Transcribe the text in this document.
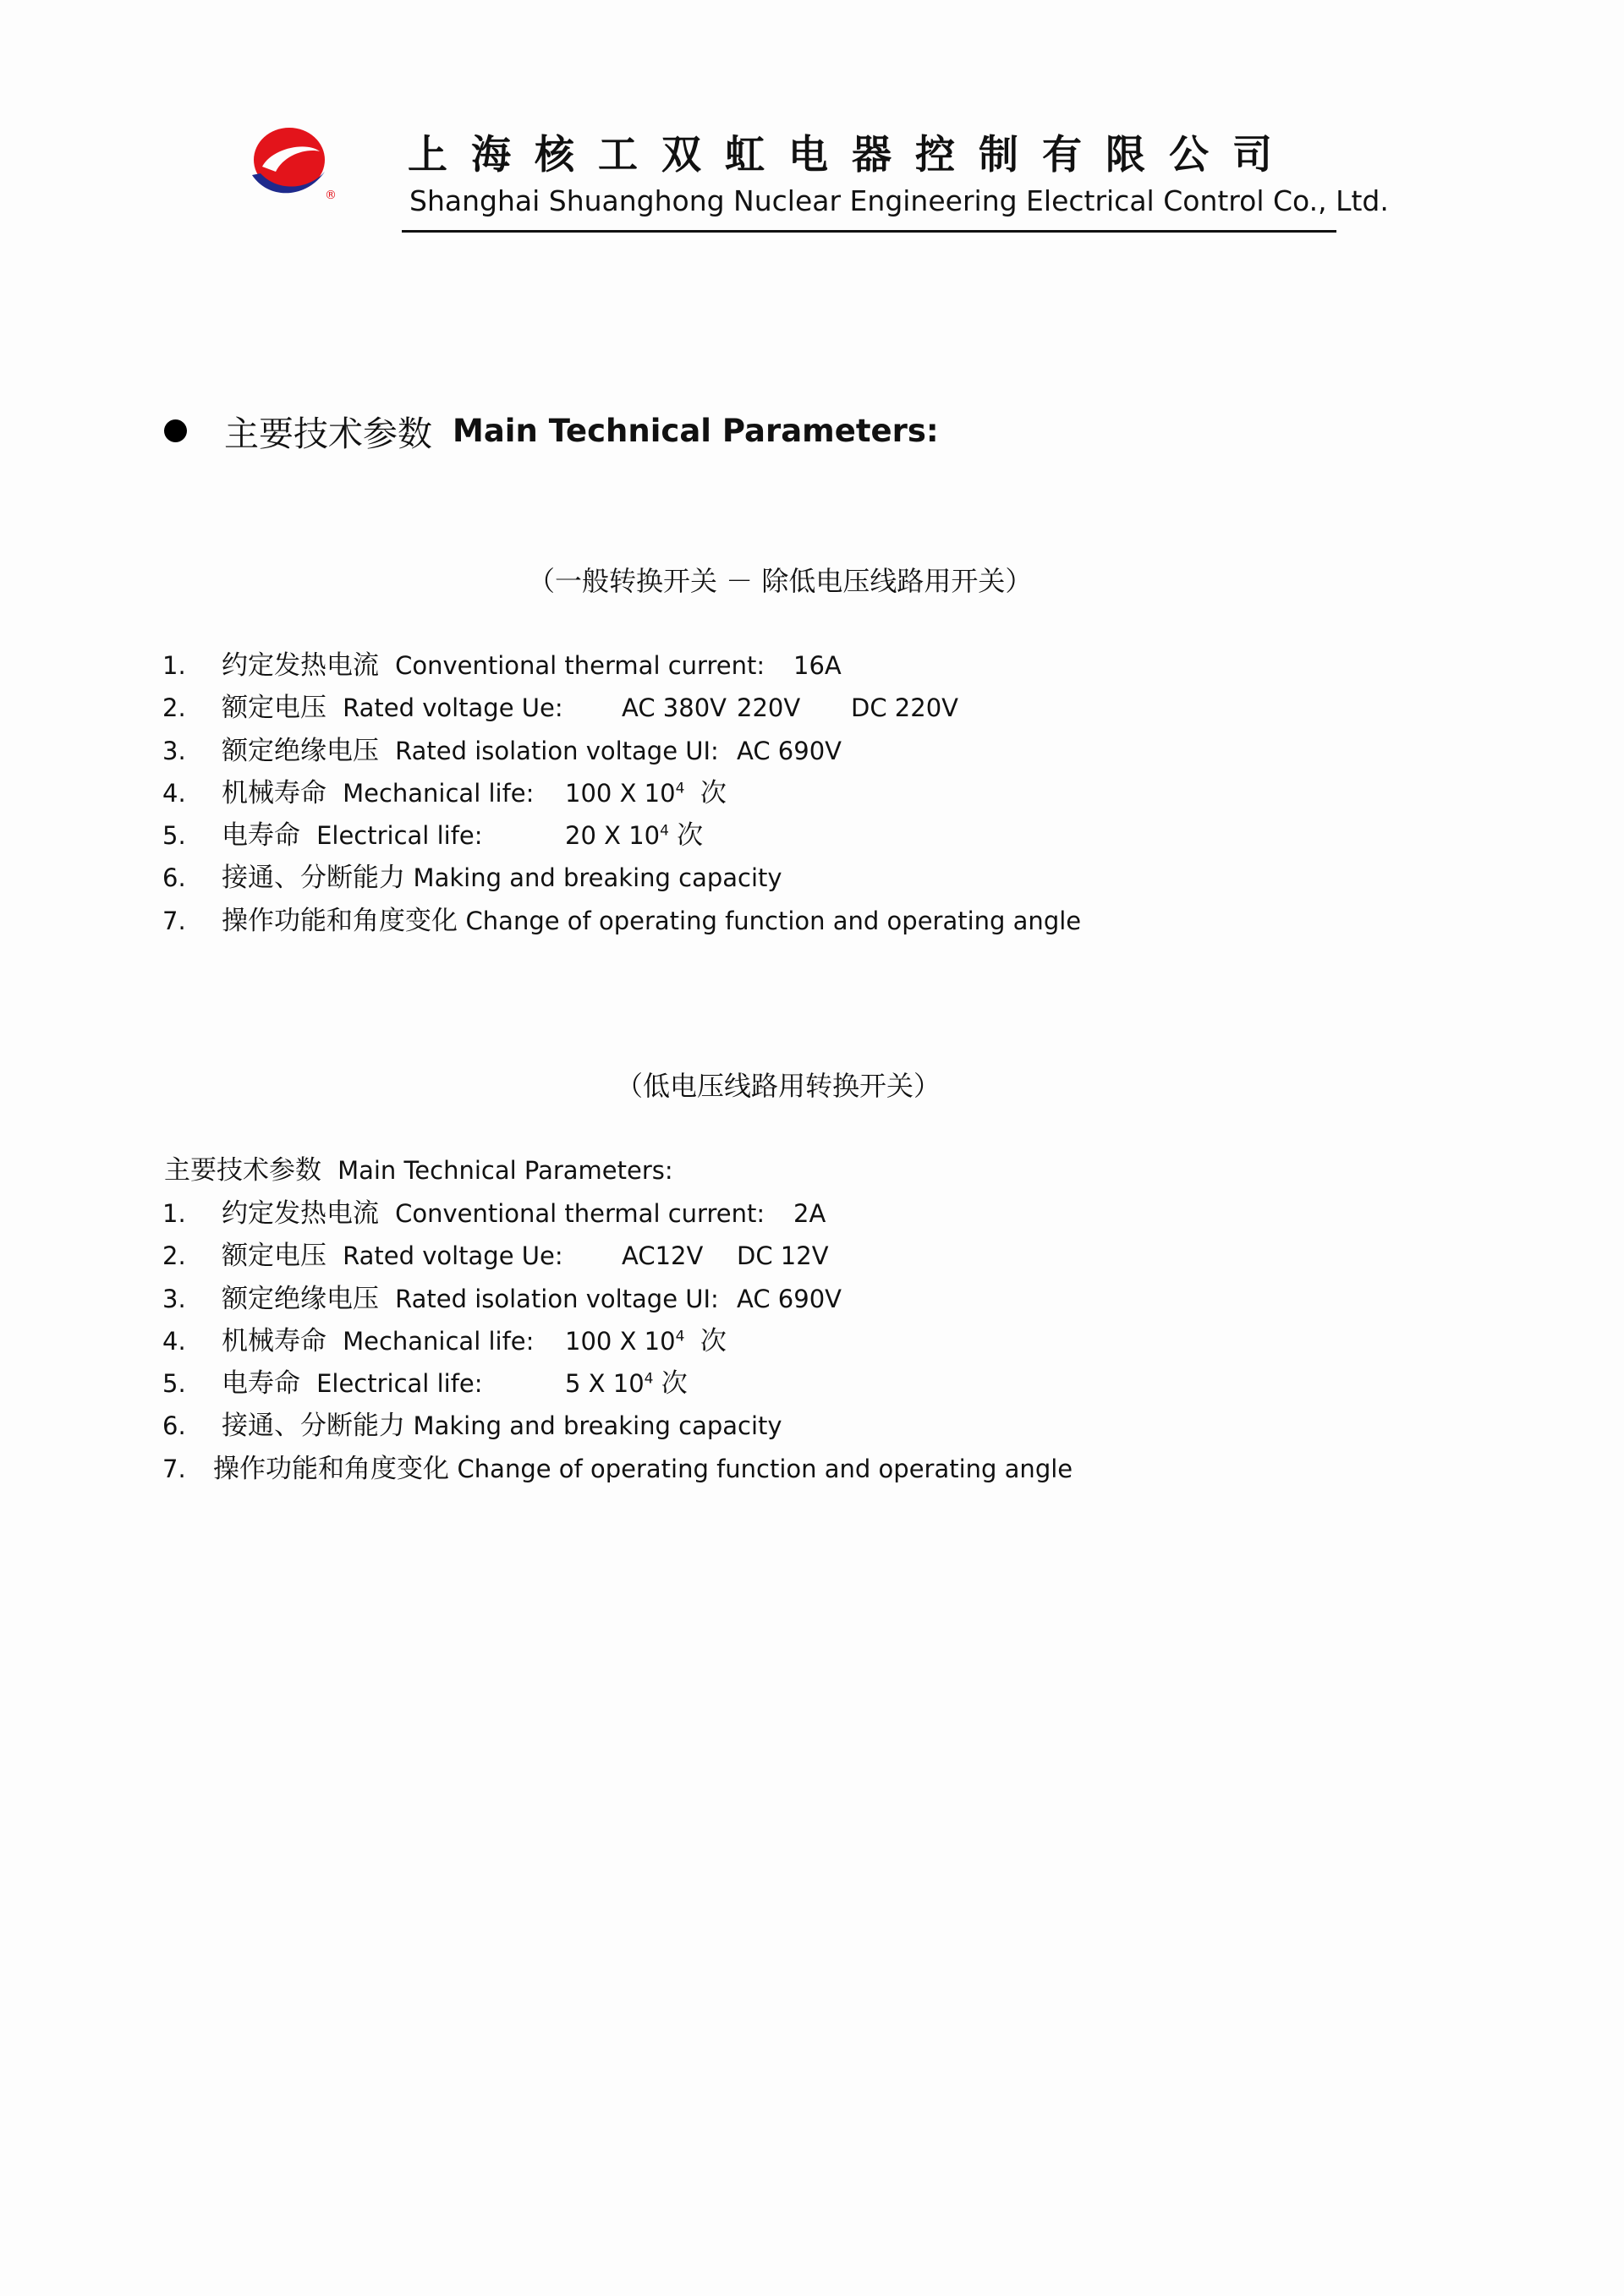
®
上海核工双虹电器控制有限公司
Shanghai Shuanghong Nuclear Engineering Electrical Control Co., Ltd.
主要技术参数 Main Technical Parameters:
（一般转换开关 － 除低电压线路用开关）
1.	约定发热电流 Conventional thermal current: 16A
2.	额定电压 Rated voltage Ue: AC 380V 220V DC 220V
3.	额定绝缘电压 Rated isolation voltage UI: AC 690V
4.	机械寿命 Mechanical life: 100 X $10^4$ 次
5.	电寿命 Electrical life:	20 X $10^4$ 次
6.	接通、分断能力 Making and breaking capacity
7.	操作功能和角度变化 Change of operating function and operating angle
（低电压线路用转换开关）
主要技术参数 Main Technical Parameters:
1.	约定发热电流 Conventional thermal current: 2A
2.	额定电压 Rated voltage Ue: AC12V DC 12V
3.	额定绝缘电压 Rated isolation voltage UI: AC 690V
4.	机械寿命 Mechanical life: 100 X $10^4$ 次
5.	电寿命 Electrical life:	5 X $10^4$ 次
6.	接通、分断能力 Making and breaking capacity
7.	操作功能和角度变化 Change of operating function and operating angle
